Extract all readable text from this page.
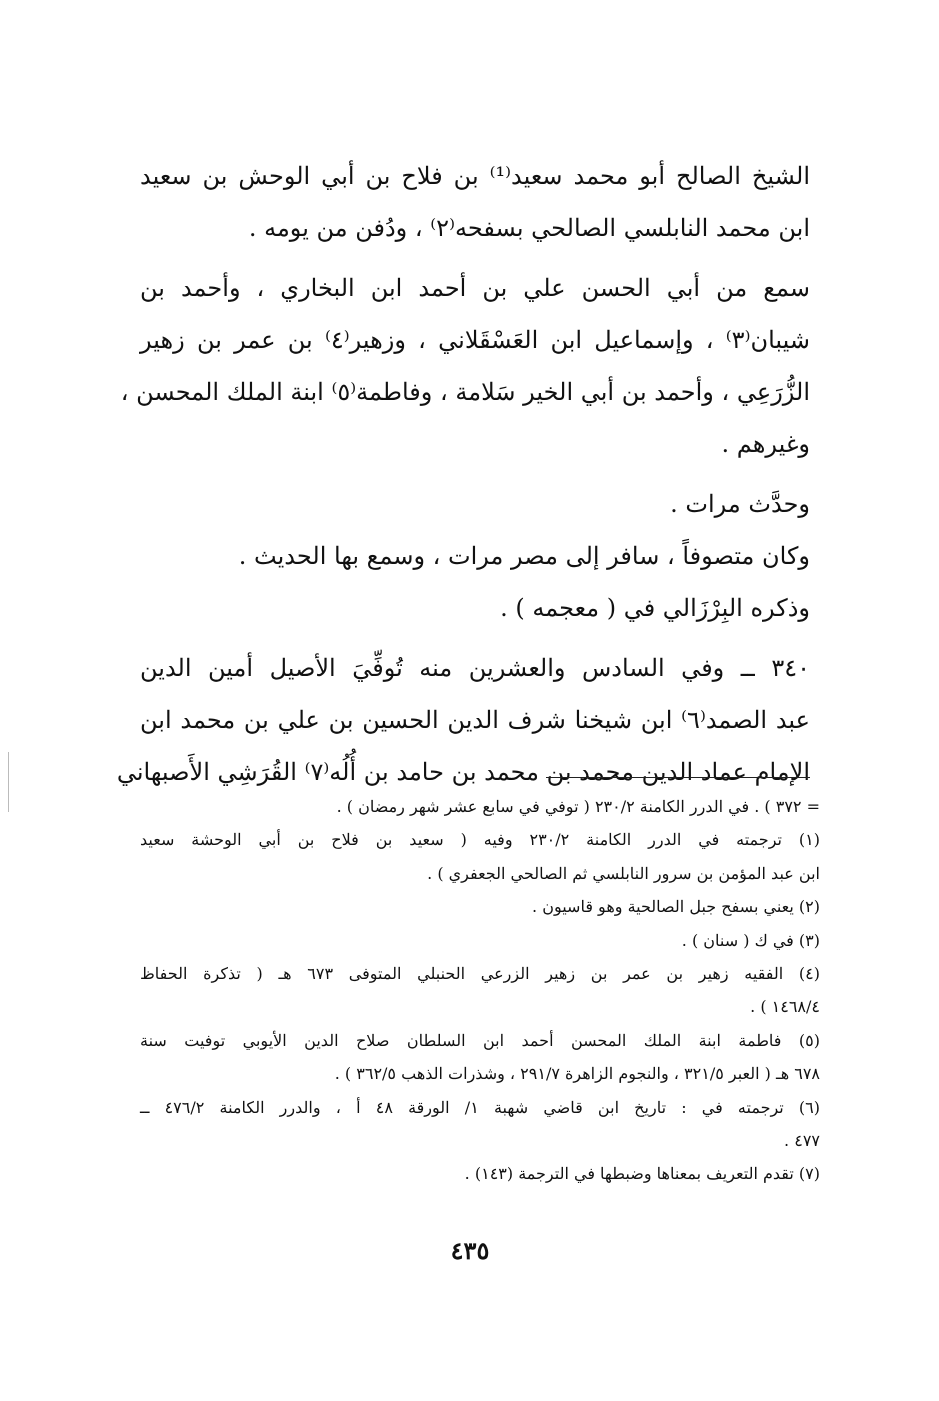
الشيخ الصالح أبو محمد سعيد⁽¹⁾ بن فلاح بن أبي الوحش بن سعيد
ابن محمد النابلسي الصالحي بسفحه⁽٢⁾ ، ودُفن من يومه .
سمع من أبي الحسن علي بن أحمد ابن البخاري ، وأحمد بن
شيبان⁽٣⁾ ، وإسماعيل ابن العَسْقَلاني ، وزهير⁽٤⁾ بن عمر بن زهير
الزُّرَعِي ، وأحمد بن أبي الخير سَلامة ، وفاطمة⁽٥⁾ ابنة الملك المحسن ،
وغيرهم .
وحدَّث مرات .
وكان متصوفاً ، سافر إلى مصر مرات ، وسمع بها الحديث .
وذكره البِرْزَالي في ( معجمه ) .
٣٤٠ ــ وفي السادس والعشرين منه تُوفِّيَ الأصيل أمين الدين
عبد الصمد⁽٦⁾ ابن شيخنا شرف الدين الحسين بن علي بن محمد ابن
الإمام عماد الدين محمد بن محمد بن حامد بن أُلُه⁽٧⁾ القُرَشِي الأَصبهاني
= ٣٧٢ ) . في الدرر الكامنة ٢٣٠/٢ ( توفي في سابع عشر شهر رمضان ) .
(١) ترجمته في الدرر الكامنة ٢٣٠/٢ وفيه ( سعيد بن فلاح بن أبي الوحشة سعيد
ابن عبد المؤمن بن سرور النابلسي ثم الصالحي الجعفري ) .
(٢) يعني بسفح جبل الصالحية وهو قاسيون .
(٣) في ك ( سنان ) .
(٤) الفقيه زهير بن عمر بن زهير الزرعي الحنبلي المتوفى ٦٧٣ هـ ( تذكرة الحفاظ
١٤٦٨/٤ ) .
(٥) فاطمة ابنة الملك المحسن أحمد ابن السلطان صلاح الدين الأيوبي توفيت سنة
٦٧٨ هـ ( العبر ٣٢١/٥ ، والنجوم الزاهرة ٢٩١/٧ ، وشذرات الذهب ٣٦٢/٥ ) .
(٦) ترجمته في : تاريخ ابن قاضي شهبة ١/ الورقة ٤٨ أ ، والدرر الكامنة ٤٧٦/٢ ــ
٤٧٧ .
(٧) تقدم التعريف بمعناها وضبطها في الترجمة (١٤٣) .
٤٣٥
